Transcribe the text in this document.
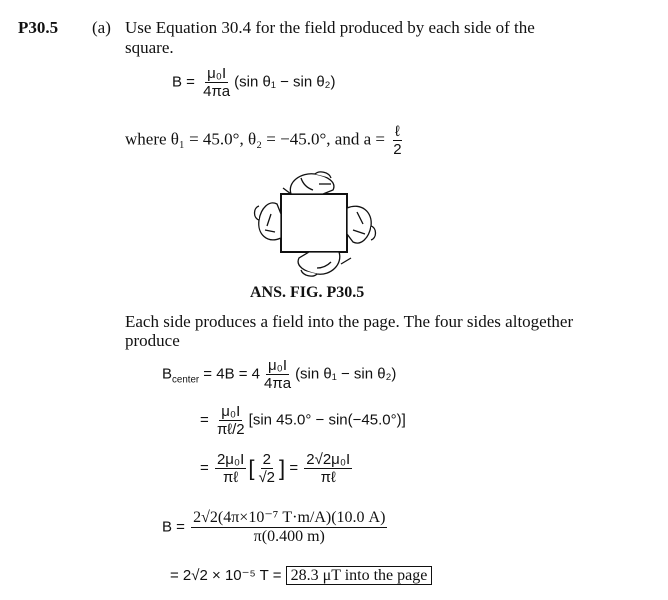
P30.5 (a) Use Equation 30.4 for the field produced by each side of the
square.
$B = \frac{\text{μ₀I}}{4\pi a} (\sin$ θ₁ − sin θ₂)
where θ₁ = 45.0°, θ₂ = −45.0°, and $a = \frac{\text{ℓ}}{2}$
ANS. FIG. P30.5
Each side produces a field into the page. The four sides altogether
produce
$B_{center} = 4B = 4 \frac{\text{μ₀I}}{4\pi a} (\sin$ θ₁ − sin θ₂)
= $\frac{\text{μ₀I}}{\text{πℓ/2}} [\sin$ 45.0° − sin(−45.0°)]
= $\frac{\text{2μ₀I}}{\text{πℓ}}$ [ $\frac{2}{√2}$ ] = $\frac{\text{2√2μ₀I}}{\text{πℓ}}$
$B = \frac{\text{2√2(4π×10⁻⁷ T·m/A)(10.0 A)}}{\pi(0.400 m)}$
= 2√2 × 10⁻⁵ T = 28.3 μT into the page
